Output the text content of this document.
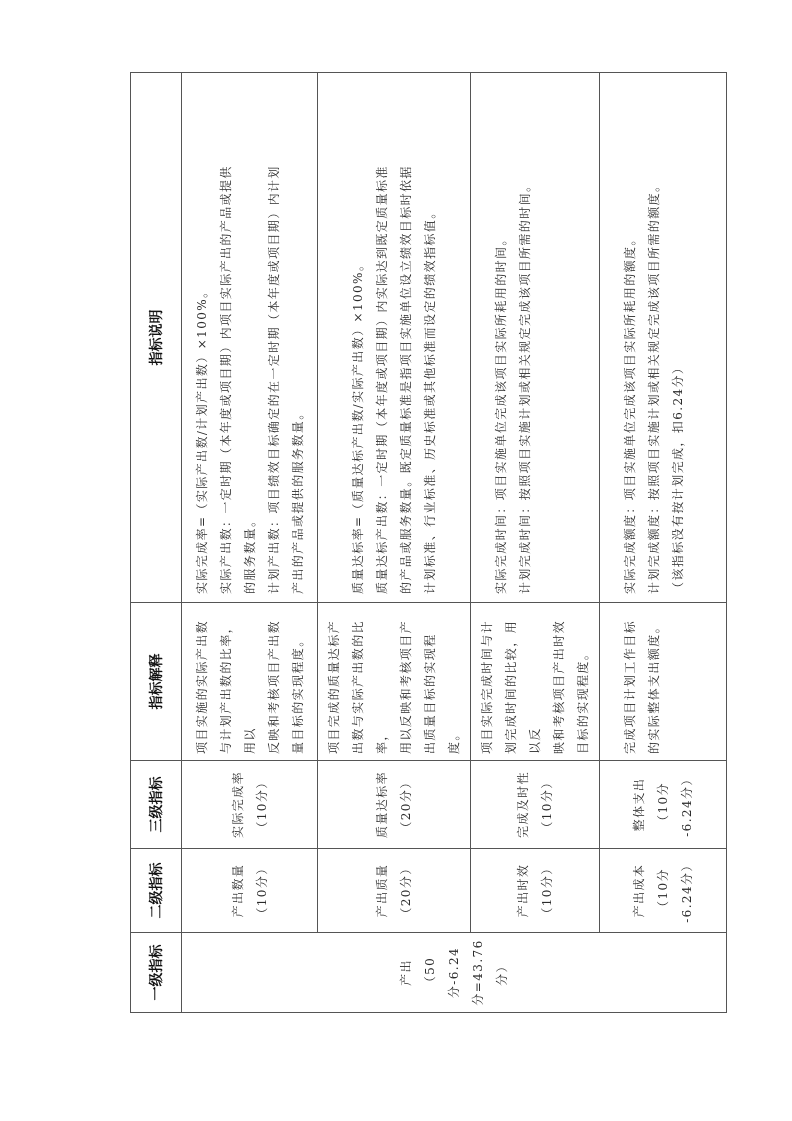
一级指标	二级指标	三级指标	指标解释	指标说明

产出 （50 分-6.24 分=43.76分）	产出数量 （10分）	实际完成率 （10分）	项目实施的实际产出数 与计划产出数的比率，用以 反映和考核项目产出数 量目标的实现程度。	实际完成率=（实际产出数/计划产出数）×100%。 实际产出数：一定时期（本年度或项目期）内项目实际产出的产品或提供 的服务数量。 计划产出数：项目绩效目标确定的在一定时期（本年度或项目期）内计划 产出的产品或提供的服务数量。

	产出质量 （20分）	质量达标率 （20分）	项目完成的质量达标产 出数与实际产出数的比率， 用以反映和考核项目产 出质量目标的实现程度。	质量达标率=（质量达标产出数/实际产出数）×100%。 质量达标产出数：一定时期（本年度或项目期）内实际达到既定质量标准 的产品或服务数量。既定质量标准是指项目实施单位设立绩效目标时依据 计划标准、行业标准、历史标准或其他标准而设定的绩效指标值。

	产出时效 （10分）	完成及时性 （10分）	项目实际完成时间与计 划完成时间的比较，用以反 映和考核项目产出时效 目标的实现程度。	实际完成时间：项目实施单位完成该项目实际所耗用的时间。 计划完成时间：按照项目实施计划或相关规定完成该项目所需的时间。

	产出成本 （10分 -6.24分）	整体支出 （10分 -6.24分）	完成项目计划工作目标 的实际整体支出额度。	实际完成额度：项目实施单位完成该项目实际所耗用的额度。 计划完成额度：按照项目实施计划或相关规定完成该项目所需的额度。 （该指标没有按计划完成，扣6.24分）
